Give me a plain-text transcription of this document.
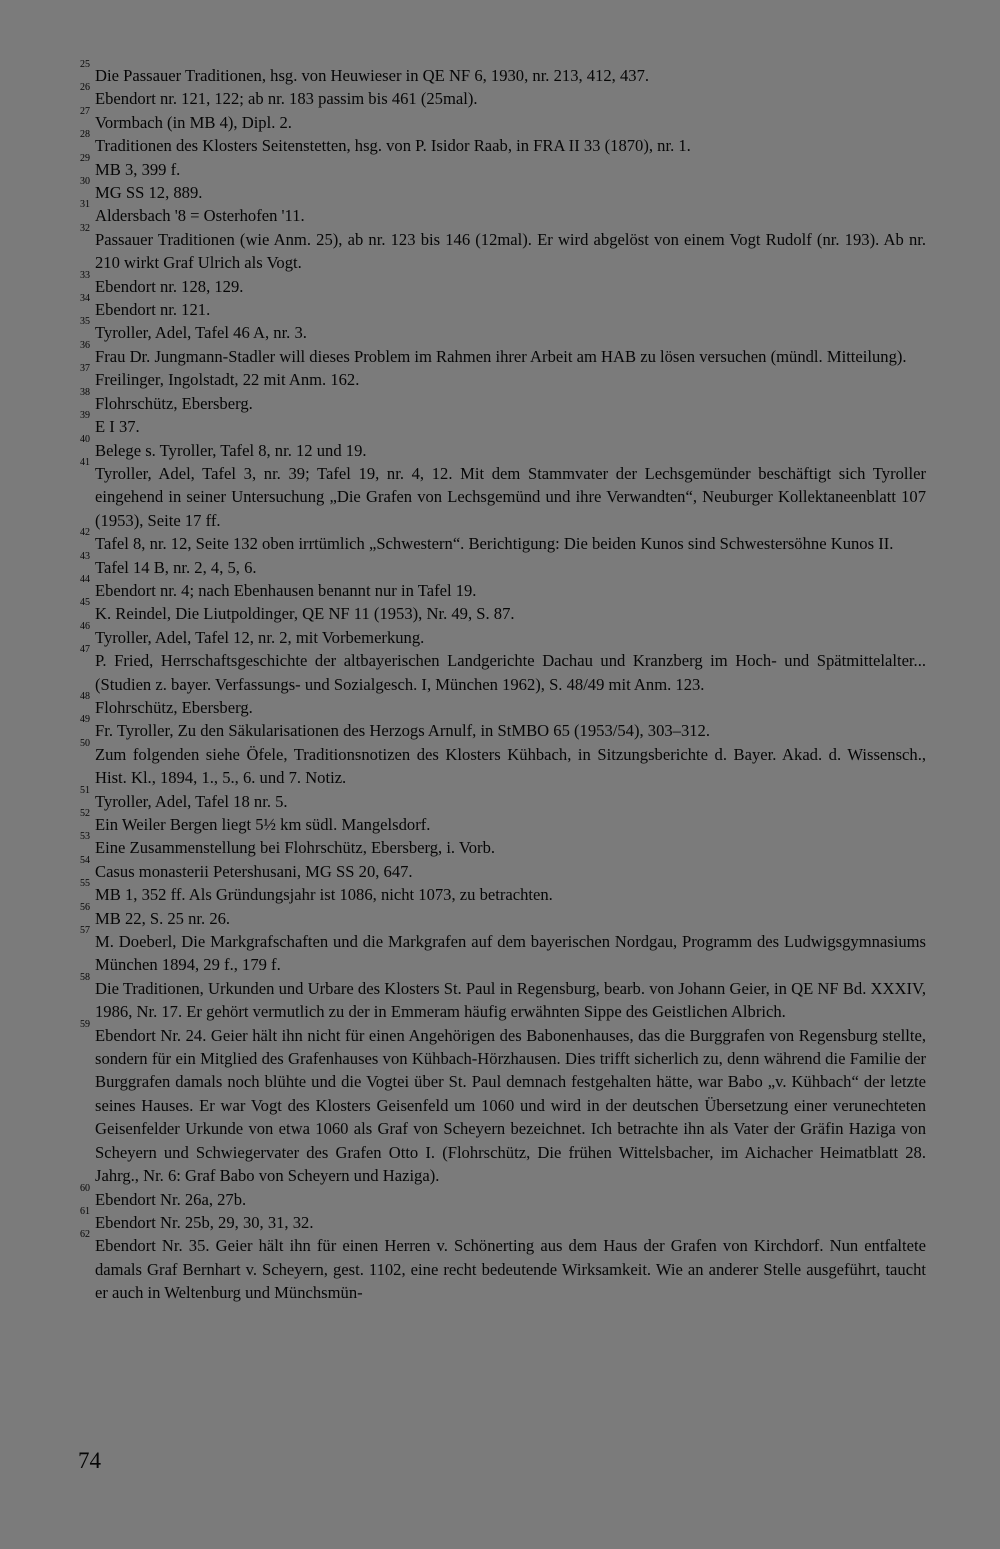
25
Die Passauer Traditionen, hsg. von Heuwieser in QE NF 6, 1930, nr. 213, 412, 437.
26
Ebendort nr. 121, 122; ab nr. 183 passim bis 461 (25mal).
27
Vormbach (in MB 4), Dipl. 2.
28
Traditionen des Klosters Seitenstetten, hsg. von P. Isidor Raab, in FRA II 33 (1870), nr. 1.
29
MB 3, 399 f.
30
MG SS 12, 889.
31
Aldersbach '8 = Osterhofen '11.
32
Passauer Traditionen (wie Anm. 25), ab nr. 123 bis 146 (12mal). Er wird abgelöst von einem Vogt Rudolf (nr. 193). Ab nr. 210 wirkt Graf Ulrich als Vogt.
33
Ebendort nr. 128, 129.
34
Ebendort nr. 121.
35
Tyroller, Adel, Tafel 46 A, nr. 3.
36
Frau Dr. Jungmann-Stadler will dieses Problem im Rahmen ihrer Arbeit am HAB zu lösen versuchen (mündl. Mitteilung).
37
Freilinger, Ingolstadt, 22 mit Anm. 162.
38
Flohrschütz, Ebersberg.
39
E I 37.
40
Belege s. Tyroller, Tafel 8, nr. 12 und 19.
41
Tyroller, Adel, Tafel 3, nr. 39; Tafel 19, nr. 4, 12. Mit dem Stammvater der Lechsgemünder beschäftigt sich Tyroller eingehend in seiner Untersuchung „Die Grafen von Lechsgemünd und ihre Verwandten“, Neuburger Kollektaneenblatt 107 (1953), Seite 17 ff.
42
Tafel 8, nr. 12, Seite 132 oben irrtümlich „Schwestern“. Berichtigung: Die beiden Kunos sind Schwestersöhne Kunos II.
43
Tafel 14 B, nr. 2, 4, 5, 6.
44
Ebendort nr. 4; nach Ebenhausen benannt nur in Tafel 19.
45
K. Reindel, Die Liutpoldinger, QE NF 11 (1953), Nr. 49, S. 87.
46
Tyroller, Adel, Tafel 12, nr. 2, mit Vorbemerkung.
47
P. Fried, Herrschaftsgeschichte der altbayerischen Landgerichte Dachau und Kranzberg im Hoch- und Spätmittelalter... (Studien z. bayer. Verfassungs- und Sozialgesch. I, München 1962), S. 48/49 mit Anm. 123.
48
Flohrschütz, Ebersberg.
49
Fr. Tyroller, Zu den Säkularisationen des Herzogs Arnulf, in StMBO 65 (1953/54), 303–312.
50
Zum folgenden siehe Öfele, Traditionsnotizen des Klosters Kühbach, in Sitzungsberichte d. Bayer. Akad. d. Wissensch., Hist. Kl., 1894, 1., 5., 6. und 7. Notiz.
51
Tyroller, Adel, Tafel 18 nr. 5.
52
Ein Weiler Bergen liegt 5½ km südl. Mangelsdorf.
53
Eine Zusammenstellung bei Flohrschütz, Ebersberg, i. Vorb.
54
Casus monasterii Petershusani, MG SS 20, 647.
55
MB 1, 352 ff. Als Gründungsjahr ist 1086, nicht 1073, zu betrachten.
56
MB 22, S. 25 nr. 26.
57
M. Doeberl, Die Markgrafschaften und die Markgrafen auf dem bayerischen Nordgau, Programm des Ludwigsgymnasiums München 1894, 29 f., 179 f.
58
Die Traditionen, Urkunden und Urbare des Klosters St. Paul in Regensburg, bearb. von Johann Geier, in QE NF Bd. XXXIV, 1986, Nr. 17. Er gehört vermutlich zu der in Emmeram häufig erwähnten Sippe des Geistlichen Albrich.
59
Ebendort Nr. 24. Geier hält ihn nicht für einen Angehörigen des Babonenhauses, das die Burggrafen von Regensburg stellte, sondern für ein Mitglied des Grafenhauses von Kühbach-Hörzhausen. Dies trifft sicherlich zu, denn während die Familie der Burggrafen damals noch blühte und die Vogtei über St. Paul demnach festgehalten hätte, war Babo „v. Kühbach“ der letzte seines Hauses. Er war Vogt des Klosters Geisenfeld um 1060 und wird in der deutschen Übersetzung einer verunechteten Geisenfelder Urkunde von etwa 1060 als Graf von Scheyern bezeichnet. Ich betrachte ihn als Vater der Gräfin Haziga von Scheyern und Schwiegervater des Grafen Otto I. (Flohrschütz, Die frühen Wittelsbacher, im Aichacher Heimatblatt 28. Jahrg., Nr. 6: Graf Babo von Scheyern und Haziga).
60
Ebendort Nr. 26a, 27b.
61
Ebendort Nr. 25b, 29, 30, 31, 32.
62
Ebendort Nr. 35. Geier hält ihn für einen Herren v. Schönerting aus dem Haus der Grafen von Kirchdorf. Nun entfaltete damals Graf Bernhart v. Scheyern, gest. 1102, eine recht bedeutende Wirksamkeit. Wie an anderer Stelle ausgeführt, taucht er auch in Weltenburg und Münchsmün-
74
